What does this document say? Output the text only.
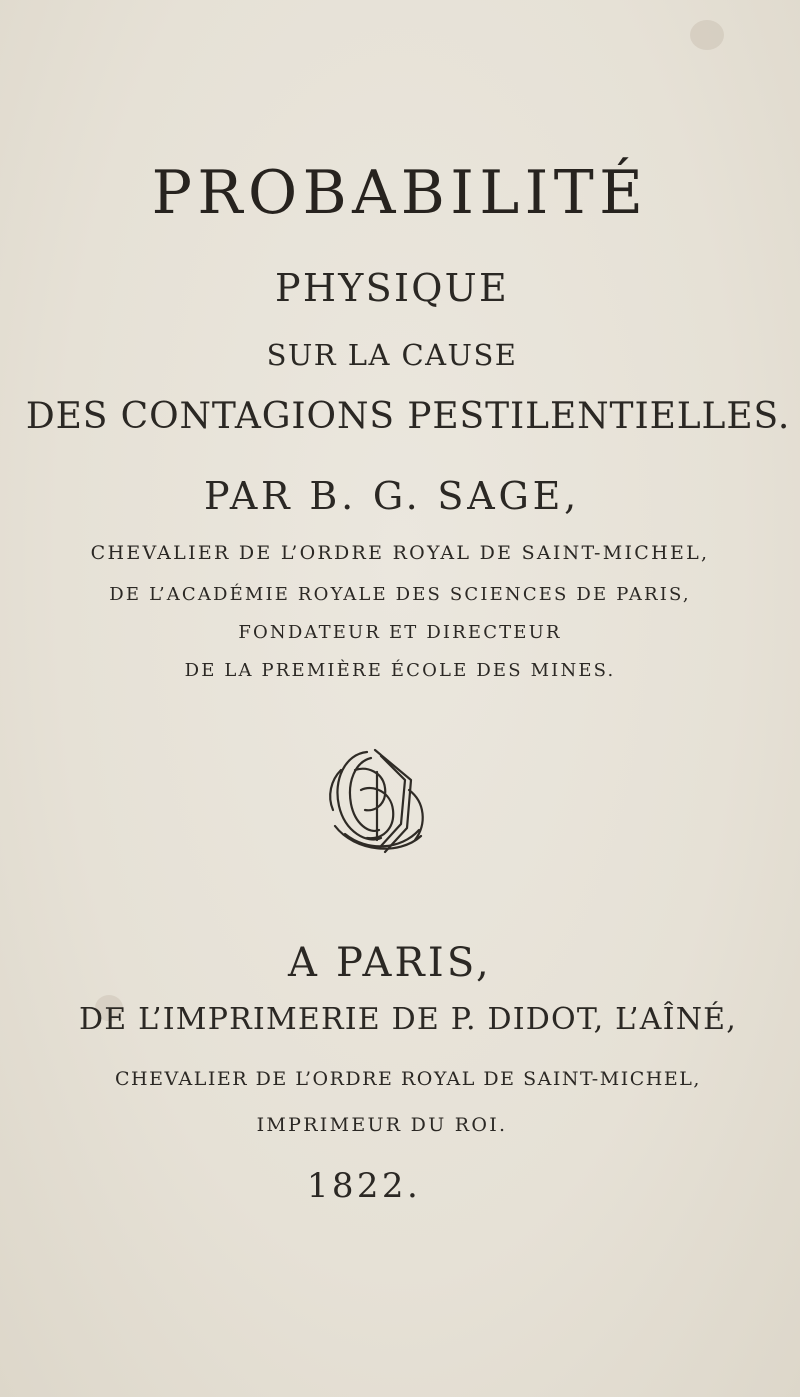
PROBABILITÉ
PHYSIQUE
SUR LA CAUSE
DES CONTAGIONS PESTILENTIELLES.
PAR B. G. SAGE,
CHEVALIER DE L’ORDRE ROYAL DE SAINT-MICHEL,
DE L’ACADÉMIE ROYALE DES SCIENCES DE PARIS,
FONDATEUR ET DIRECTEUR
DE LA PREMIÈRE ÉCOLE DES MINES.
A PARIS,
DE L’IMPRIMERIE DE P. DIDOT, L’AÎNÉ,
CHEVALIER DE L’ORDRE ROYAL DE SAINT-MICHEL,
IMPRIMEUR DU ROI.
1822.
